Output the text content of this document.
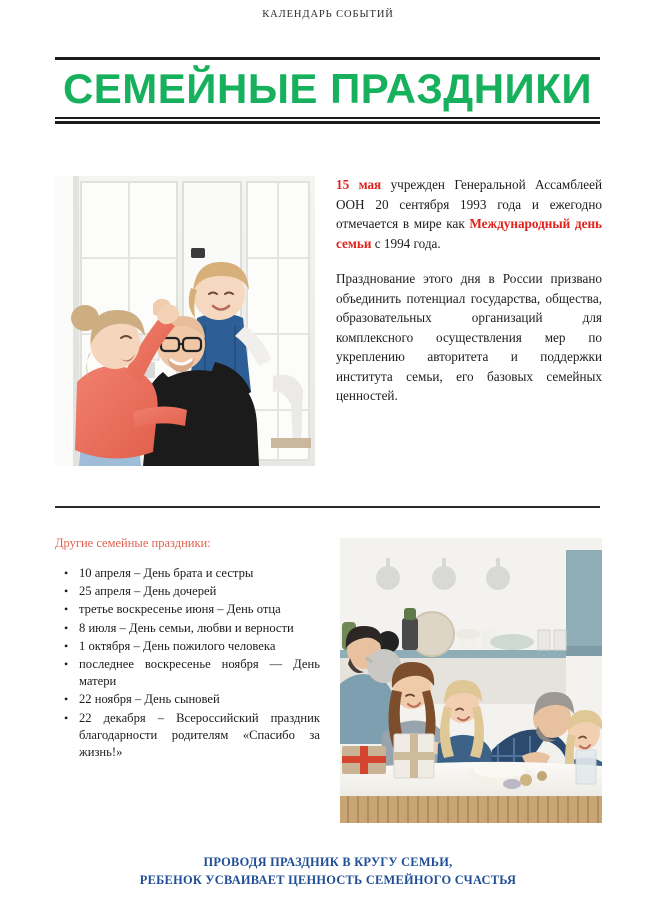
КАЛЕНДАРЬ СОБЫТИЙ
СЕМЕЙНЫЕ ПРАЗДНИКИ

15 мая учрежден Генеральной Ассамблеей ООН 20 сентября 1993 года и ежегодно отмечается в мире как Международный день семьи с 1994 года.

Празднование этого дня в России призвано объединить потенциал государства, общества, образовательных организаций для комплексного осуществления мер по укреплению авторитета и поддержки института семьи, его базовых семейных ценностей.

Другие семейные праздники:

• 10 апреля – День брата и сестры
• 25 апреля – День дочерей
• третье воскресенье июня – День отца
• 8 июля – День семьи, любви и верности
• 1 октября – День пожилого человека
• последнее воскресенье ноября — День матери
• 22 ноября – День сыновей
• 22 декабря – Всероссийский праздник благодарности родителям «Спасибо за жизнь!»
ПРОВОДЯ ПРАЗДНИК В КРУГУ СЕМЬИ,
РЕБЕНОК УСВАИВАЕТ ЦЕННОСТЬ СЕМЕЙНОГО СЧАСТЬЯ
